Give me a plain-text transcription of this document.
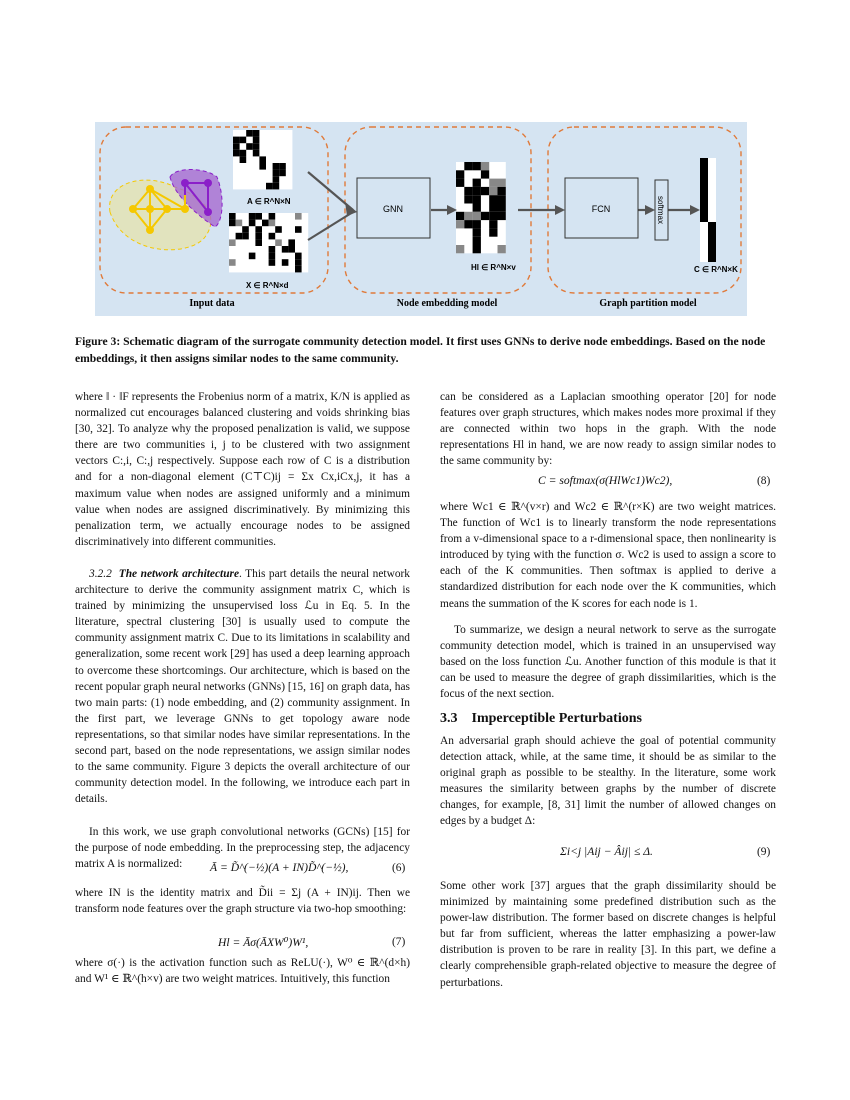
A ∈ R^N×N
X ∈ R^N×d
Hl ∈ R^N×v	C ∈ R^N×K
GNN	FCN	softmax
Input data	Node embedding model	Graph partition model
Figure 3: Schematic diagram of the surrogate community detection model. It first uses GNNs to derive node embeddings. Based on the node embeddings, it then assigns similar nodes to the same community.

where ‖ · ‖F represents the Frobenius norm of a matrix, K/N is applied as normalized cut encourages balanced clustering and voids shrinking bias [30, 32]. To analyze why the proposed penalization is valid, we suppose there are two communities i, j to be clustered with two assignment vectors C:,i, C:,j respectively. Suppose each row of C is a distribution and for a non-diagonal element (C⊤C)ij = Σx Cx,iCx,j, it has a maximum value when nodes are assigned uniformly and a minimum value when nodes are assigned discriminatively. By minimizing this penalization term, we actually encourage nodes to be assigned discriminatively into different communities.

3.2.2 The network architecture. This part details the neural network architecture to derive the community assignment matrix C, which is trained by minimizing the unsupervised loss ℒu in Eq. 5. In the literature, spectral clustering [30] is usually used to compute the community assignment matrix C. Due to its limitations in scalability and generalization, some recent work [29] has used a deep learning approach to overcome these shortcomings. Our architecture, which is based on the recent popular graph neural networks (GNNs) [15, 16] on graph data, has two main parts: (1) node embedding, and (2) community assignment. In the first part, we leverage GNNs to get topology aware node representations, so that similar nodes have similar representations. In the second part, based on the node representations, we assign similar nodes to the same community. Figure 3 depicts the overall architecture of our community detection model. In the following, we introduce each part in details.

In this work, we use graph convolutional networks (GCNs) [15] for the purpose of node embedding. In the preprocessing step, the adjacency matrix A is normalized:	Ā = D̃^(−½)(A + IN)D̃^(−½),	(6)

where IN is the identity matrix and D̃ii = Σj (A + IN)ij. Then we transform node features over the graph structure via two-hop smoothing:

Hl = Āσ(ĀXW⁰)W¹,	(7)

where σ(·) is the activation function such as ReLU(·), W⁰ ∈ ℝ^(d×h) and W¹ ∈ ℝ^(h×v) are two weight matrices. Intuitively, this function

can be considered as a Laplacian smoothing operator [20] for node features over graph structures, which makes nodes more proximal if they are connected within two hops in the graph. With the node representations Hl in hand, we are now ready to assign similar nodes to the same community by:

C = softmax(σ(HlWc1)Wc2),	(8)

where Wc1 ∈ ℝ^(v×r) and Wc2 ∈ ℝ^(r×K) are two weight matrices. The function of Wc1 is to linearly transform the node representations from a v-dimensional space to a r-dimensional space, then nonlinearity is introduced by tying with the function σ. Wc2 is used to assign a score to each of the K communities. Then softmax is applied to derive a standardized distribution for each node over the K communities, which means the summation of the K scores for each node is 1.

To summarize, we design a neural network to serve as the surrogate community detection model, which is trained in an unsupervised way based on the loss function ℒu. Another function of this module is that it can be used to measure the degree of graph dissimilarities, which is the focus of the next section.

3.3 Imperceptible Perturbations

An adversarial graph should achieve the goal of potential community detection attack, while, at the same time, it should be as similar to the original graph as possible to be stealthy. In the literature, some work measures the similarity between graphs by the number of discrete changes, for example, [8, 31] limit the number of allowed changes on edges by a budget Δ:

Σi<j |Aij − Âij| ≤ Δ.	(9)

Some other work [37] argues that the graph dissimilarity should be minimized by maintaining some predefined distribution such as the power-law distribution. The former based on discrete changes is helpful but far from sufficient, whereas the latter emphasizing a power-law distribution is proven to be rare in reality [3]. In this part, we define a clearly comprehensible graph-related objective to measure the degree of perturbations.
